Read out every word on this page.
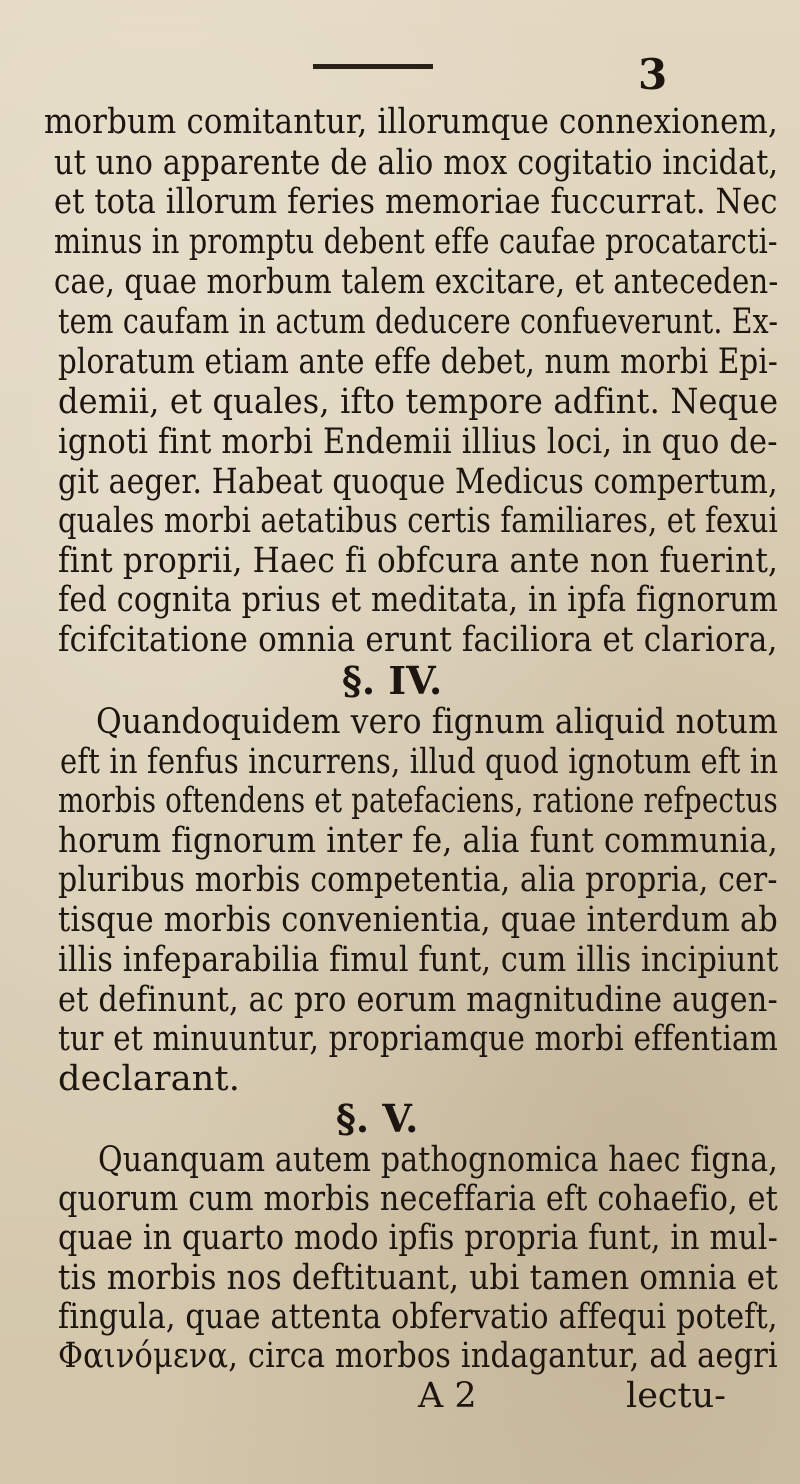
3
morbum comitantur, illorumque connexionem,
ut uno apparente de alio mox cogitatio incidat,
et tota illorum feries memoriae fuccurrat. Nec
minus in promptu debent effe caufae procatarcti-
cae, quae morbum talem excitare, et anteceden-
tem caufam in actum deducere confueverunt. Ex-
ploratum etiam ante effe debet, num morbi Epi-
demii, et quales, ifto tempore adfint. Neque
ignoti fint morbi Endemii illius loci, in quo de-
git aeger. Habeat quoque Medicus compertum,
quales morbi aetatibus certis familiares, et fexui
fint proprii, Haec fi obfcura ante non fuerint,
fed cognita prius et meditata, in ipfa fignorum
fcifcitatione omnia erunt faciliora et clariora,
§. IV.
Quandoquidem vero fignum aliquid notum
eft in fenfus incurrens, illud quod ignotum eft in
morbis oftendens et patefaciens, ratione refpectus
horum fignorum inter fe, alia funt communia,
pluribus morbis competentia, alia propria, cer-
tisque morbis convenientia, quae interdum ab
illis infeparabilia fimul funt, cum illis incipiunt
et definunt, ac pro eorum magnitudine augen-
tur et minuuntur, propriamque morbi effentiam
declarant.
§. V.
Quanquam autem pathognomica haec figna,
quorum cum morbis neceffaria eft cohaefio, et
quae in quarto modo ipfis propria funt, in mul-
tis morbis nos deftituant, ubi tamen omnia et
fingula, quae attenta obfervatio affequi poteft,
Φαινόμενα, circa morbos indagantur, ad aegri
A 2	lectu-
